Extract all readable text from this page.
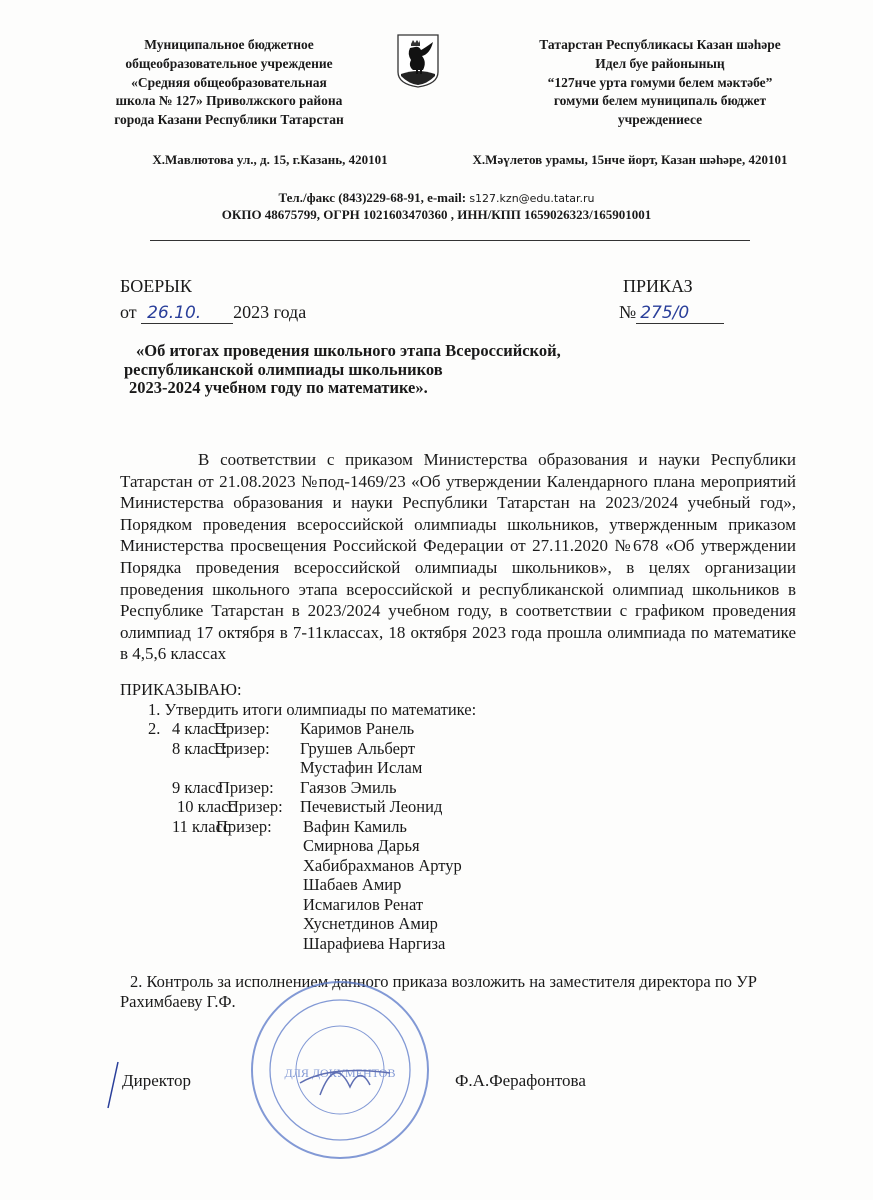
Муниципальное бюджетное
общеобразовательное учреждение
«Средняя общеобразовательная
школа № 127» Приволжского района
города Казани Республики Татарстан
Татарстан Республикасы Казан шәһәре
Идел буе районының
“127нче урта гомуми белем мәктәбе”
гомуми белем муниципаль бюджет
учреждениесе
Х.Мавлютова ул., д. 15, г.Казань, 420101	Х.Мәүлетов урамы, 15нче йорт, Казан шәһәре, 420101
Тел./факс (843)229-68-91, e-mail: s127.kzn@edu.tatar.ru
ОКПО 48675799, ОГРН 1021603470360 , ИНН/КПП 1659026323/165901001
БОЕРЫК
от 26.10. 2023 года
ПРИКАЗ
№ 275/0
«Об итогах проведения школьного этапа Всероссийской,
республиканской олимпиады школьников
2023-2024 учебном году по математике».
В соответствии с приказом Министерства образования и науки Республики Татарстан от 21.08.2023 №под-1469/23 «Об утверждении Календарного плана мероприятий Министерства образования и науки Республики Татарстан на 2023/2024 учебный год», Порядком проведения всероссийской олимпиады школьников, утвержденным приказом Министерства просвещения Российской Федерации от 27.11.2020 №678 «Об утверждении Порядка проведения всероссийской олимпиады школьников», в целях организации проведения школьного этапа всероссийской и республиканской олимпиад школьников в Республике Татарстан в 2023/2024 учебном году, в соответствии с графиком проведения олимпиад 17 октября в 7-11классах, 18 октября 2023 года прошла олимпиада по математике в 4,5,6 классах
ПРИКАЗЫВАЮ:
1. Утвердить итоги олимпиады по математике:
2. 4 класс:
Призер: Каримов Ранель
8 класс:
Призер: Грушев Альберт
Мустафин Ислам
9 класс
Призер: Гаязов Эмиль
10 класс
Призер: Печевистый Леонид
11 класс
Призер: Вафин Камиль
Смирнова Дарья
Хабибрахманов Артур
Шабаев Амир
Исмагилов Ренат
Хуснетдинов Амир
Шарафиева Наргиза
2. Контроль за исполнением данного приказа возложить на заместителя директора по УР
Рахимбаеву Г.Ф.
ДЛЯ ДОКУМЕНТОВ
Директор	Ф.А.Ферафонтова
